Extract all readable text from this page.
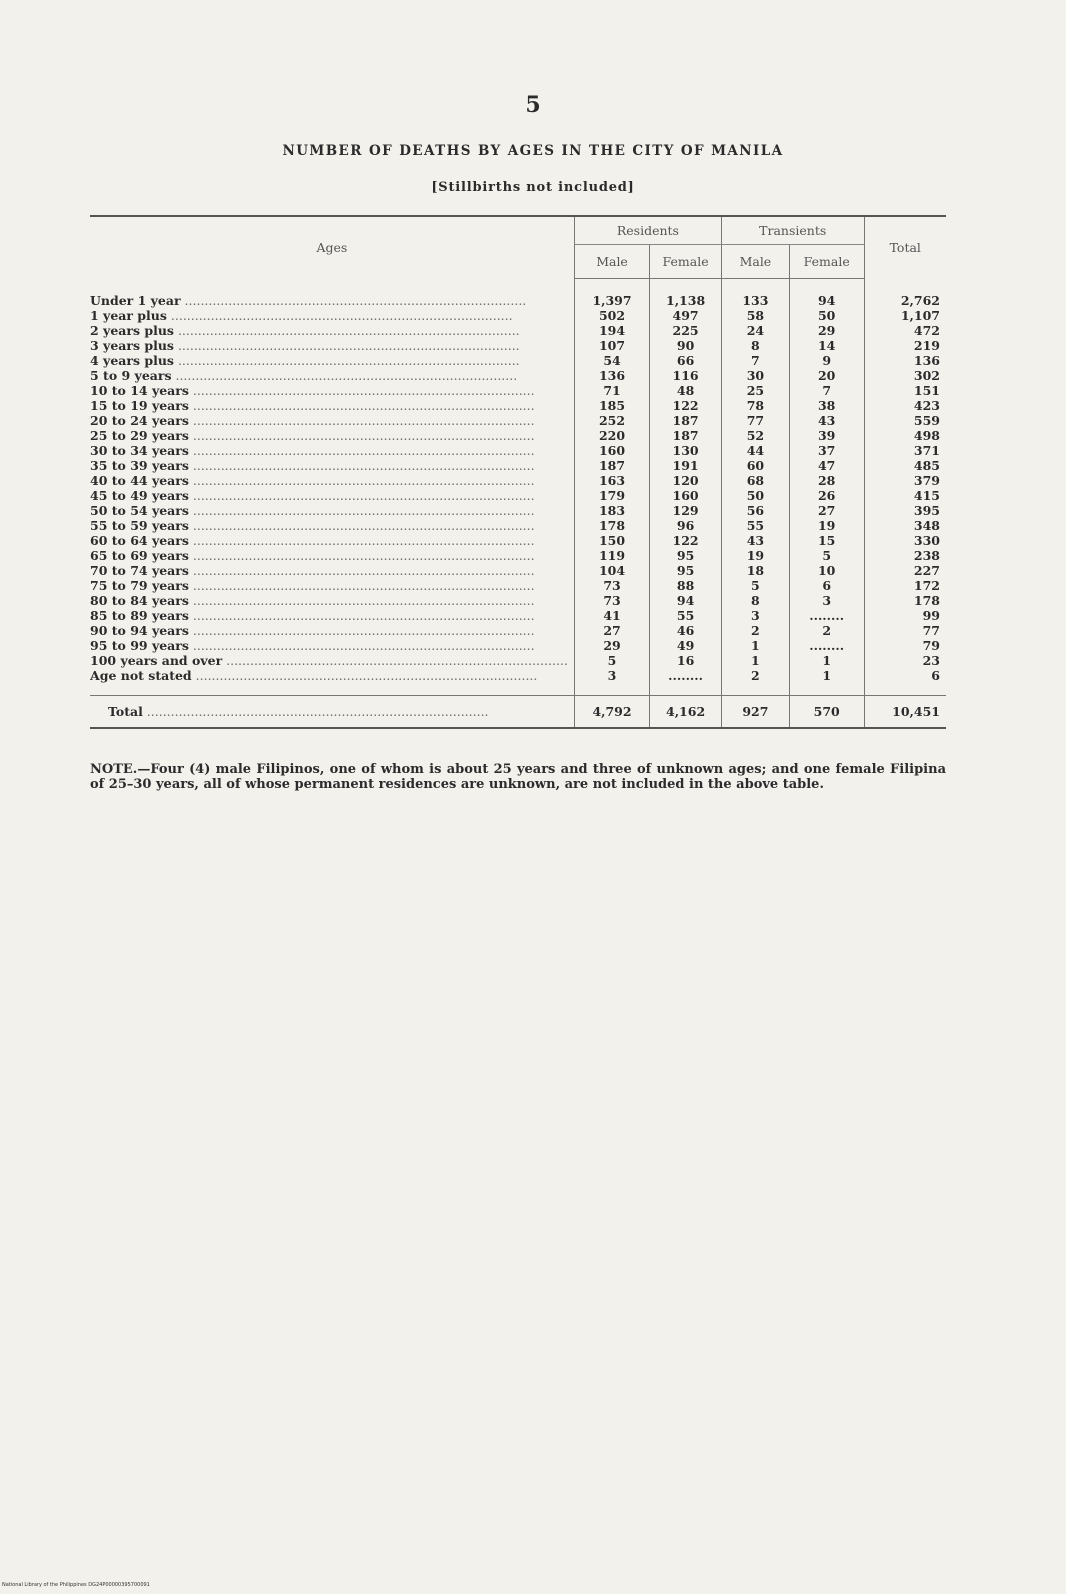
5
NUMBER OF DEATHS BY AGES IN THE CITY OF MANILA
[Stillbirths not included]
Ages	Residents		Transients		Total
	Male	Female	Male	Female	
Under 1 year .....	1,397	1,138	133	94	2,762
1 year plus .....	502	497	58	50	1,107
2 years plus .....	194	225	24	29	472
3 years plus .....	107	90	8	14	219
4 years plus .....	54	66	7	9	136
5 to 9 years .....	136	116	30	20	302
10 to 14 years .....	71	48	25	7	151
15 to 19 years .....	185	122	78	38	423
20 to 24 years .....	252	187	77	43	559
25 to 29 years .....	220	187	52	39	498
30 to 34 years .....	160	130	44	37	371
35 to 39 years .....	187	191	60	47	485
40 to 44 years .....	163	120	68	28	379
45 to 49 years .....	179	160	50	26	415
50 to 54 years .....	183	129	56	27	395
55 to 59 years .....	178	96	55	19	348
60 to 64 years .....	150	122	43	15	330
65 to 69 years .....	119	95	19	5	238
70 to 74 years .....	104	95	18	10	227
75 to 79 years .....	73	88	5	6	172
80 to 84 years .....	73	94	8	3	178
85 to 89 years .....	41	55	3	........	99
90 to 94 years .....	27	46	2	2	77
95 to 99 years .....	29	49	1	........	79
100 years and over .....	5	16	1	1	23
Age not stated .....	3	........	2	1	6
Total .....	4,792	4,162	927	570	10,451
NOTE.—Four (4) male Filipinos, one of whom is about 25 years and three of unknown ages; and one female Filipina of 25–30 years, all of whose permanent residences are unknown, are not included in the above table.
National Library of the Philippines DG24P00000395700091
